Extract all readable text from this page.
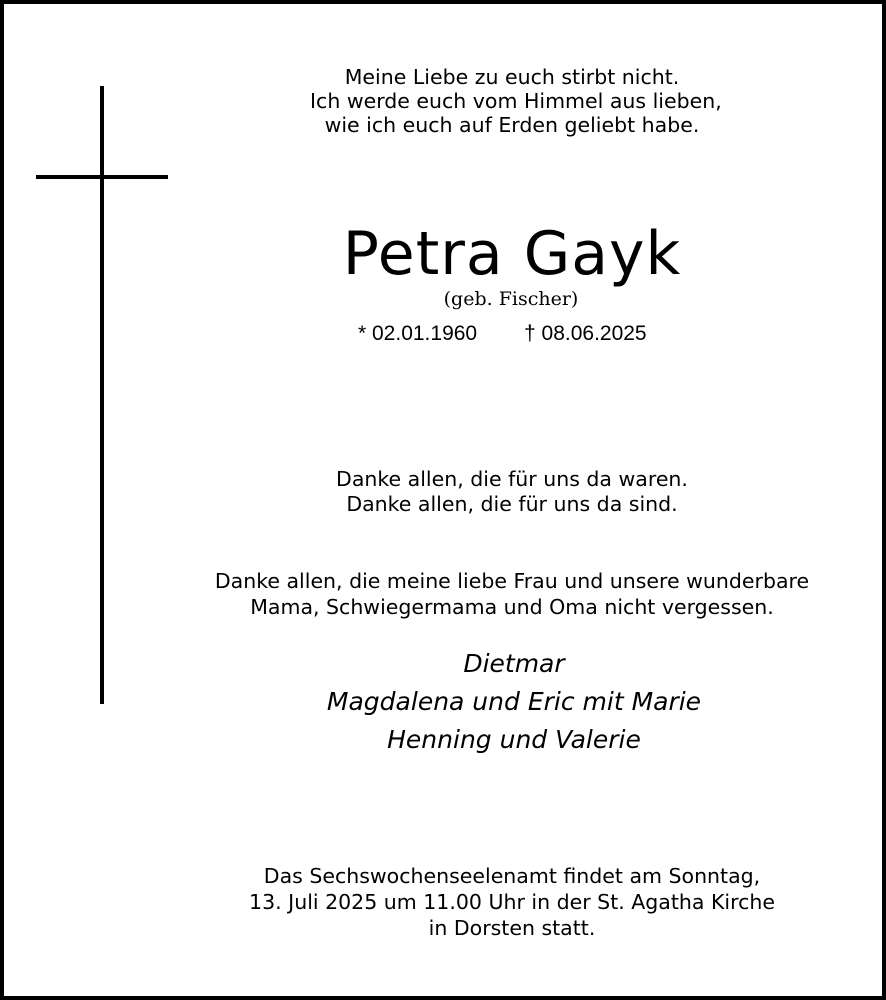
Meine Liebe zu euch stirbt nicht.
Ich werde euch vom Himmel aus lieben,
wie ich euch auf Erden geliebt habe.
Petra Gayk
(geb. Fischer)
* 02.01.1960 † 08.06.2025
Danke allen, die für uns da waren.
Danke allen, die für uns da sind.
Danke allen, die meine liebe Frau und unsere wunderbare
Mama, Schwiegermama und Oma nicht vergessen.
Dietmar
Magdalena und Eric mit Marie
Henning und Valerie
Das Sechswochenseelenamt findet am Sonntag,
13. Juli 2025 um 11.00 Uhr in der St. Agatha Kirche
in Dorsten statt.
